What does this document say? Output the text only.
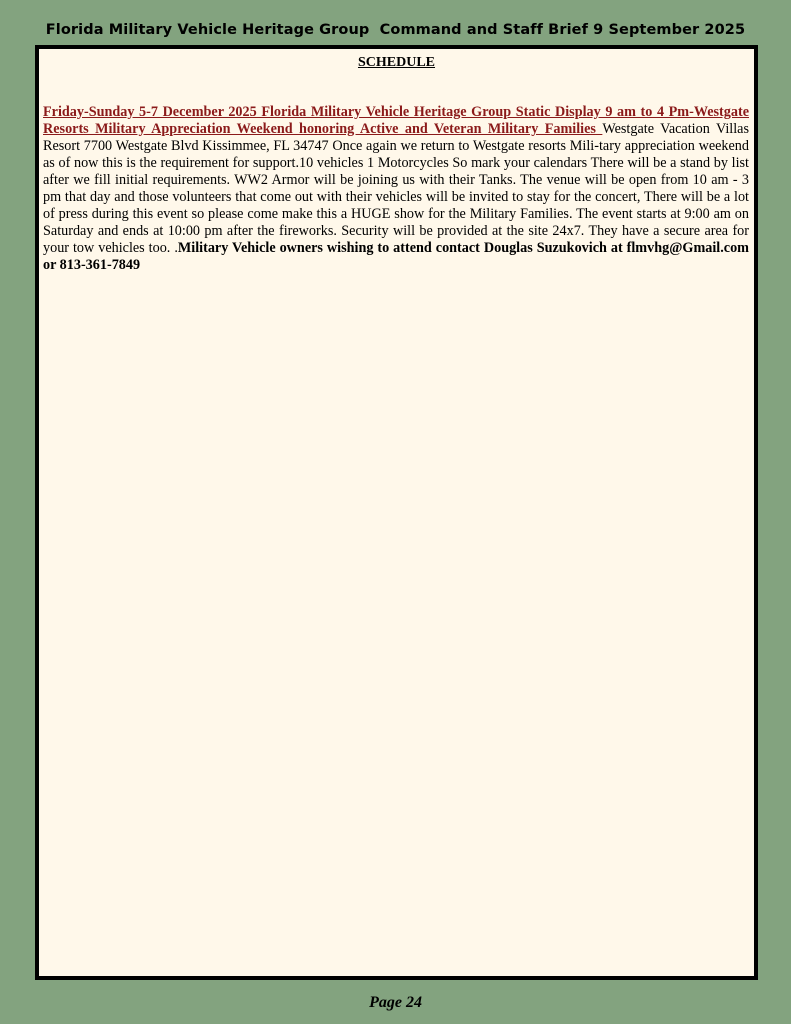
Florida Military Vehicle Heritage Group  Command and Staff Brief 9 September 2025
SCHEDULE
Friday-Sunday 5-7 December 2025 Florida Military Vehicle Heritage Group Static Display 9 am to 4 Pm-Westgate Resorts Military Appreciation Weekend honoring Active and Veteran Military Families Westgate Vacation Villas Resort 7700 Westgate Blvd Kissimmee, FL 34747 Once again we return to Westgate resorts Mili-tary appreciation weekend as of now this is the requirement for support.10 vehicles 1 Motorcycles So mark your calendars There will be a stand by list after we fill initial requirements. WW2 Armor will be joining us with their Tanks. The venue will be open from 10 am - 3 pm that day and those volunteers that come out with their vehicles will be invited to stay for the concert, There will be a lot of press during this event so please come make this a HUGE show for the Military Families. The event starts at 9:00 am on Saturday and ends at 10:00 pm after the fireworks. Security will be provided at the site 24x7. They have a secure area for your tow vehicles too. .Military Vehicle owners wishing to attend contact Douglas Suzukovich at flmvhg@Gmail.com or 813-361-7849
Page 24
